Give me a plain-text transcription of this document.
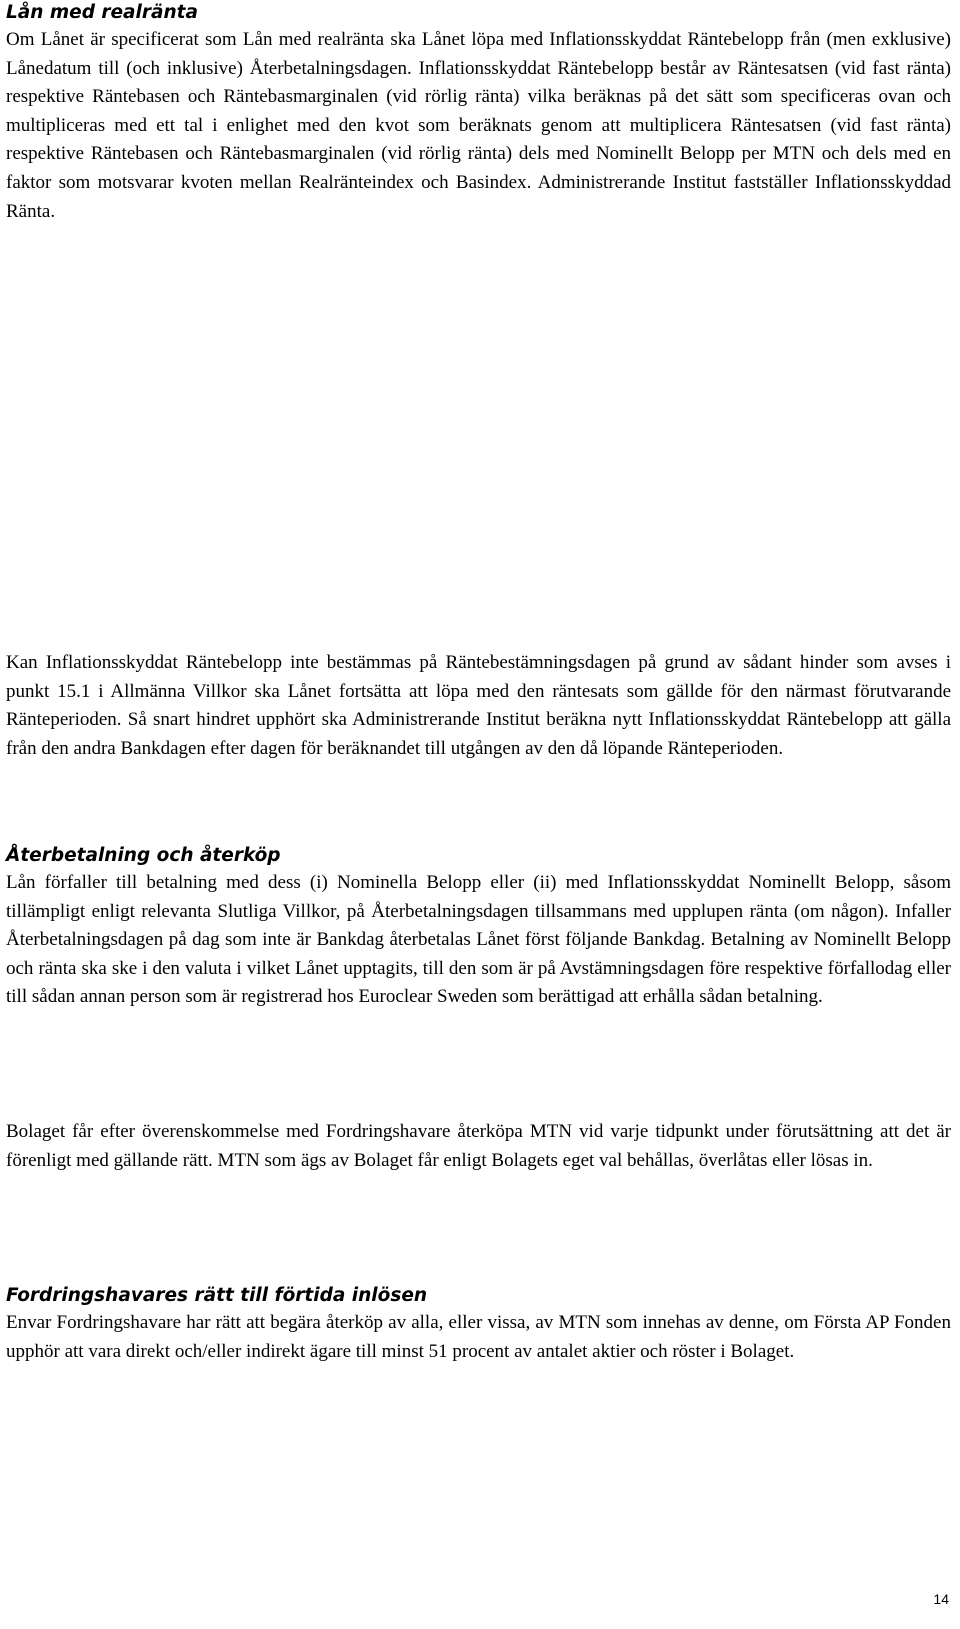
Lån med realränta

Om Lånet är specificerat som Lån med realränta ska Lånet löpa med Inflationsskyddat Räntebelopp från (men exklusive) Lånedatum till (och inklusive) Återbetalningsdagen. Inflationsskyddat Räntebelopp består av Räntesatsen (vid fast ränta) respektive Räntebasen och Räntebasmarginalen (vid rörlig ränta) vilka beräknas på det sätt som specificeras ovan och multipliceras med ett tal i enlighet med den kvot som beräknats genom att multiplicera Räntesatsen (vid fast ränta) respektive Räntebasen och Räntebasmarginalen (vid rörlig ränta) dels med Nominellt Belopp per MTN och dels med en faktor som motsvarar kvoten mellan Realränteindex och Basindex. Administrerande Institut fastställer Inflationsskyddad Ränta.

Kan Inflationsskyddat Räntebelopp inte bestämmas på Räntebestämningsdagen på grund av sådant hinder som avses i punkt 15.1 i Allmänna Villkor ska Lånet fortsätta att löpa med den räntesats som gällde för den närmast förutvarande Ränteperioden. Så snart hindret upphört ska Administrerande Institut beräkna nytt Inflationsskyddat Räntebelopp att gälla från den andra Bankdagen efter dagen för beräknandet till utgången av den då löpande Ränteperioden.

Återbetalning och återköp

Lån förfaller till betalning med dess (i) Nominella Belopp eller (ii) med Inflationsskyddat Nominellt Belopp, såsom tillämpligt enligt relevanta Slutliga Villkor, på Återbetalningsdagen tillsammans med upplupen ränta (om någon). Infaller Återbetalningsdagen på dag som inte är Bankdag återbetalas Lånet först följande Bankdag. Betalning av Nominellt Belopp och ränta ska ske i den valuta i vilket Lånet upptagits, till den som är på Avstämningsdagen före respektive förfallodag eller till sådan annan person som är registrerad hos Euroclear Sweden som berättigad att erhålla sådan betalning.

Bolaget får efter överenskommelse med Fordringshavare återköpa MTN vid varje tidpunkt under förutsättning att det är förenligt med gällande rätt. MTN som ägs av Bolaget får enligt Bolagets eget val behållas, överlåtas eller lösas in.

Fordringshavares rätt till förtida inlösen

Envar Fordringshavare har rätt att begära återköp av alla, eller vissa, av MTN som innehas av denne, om Första AP Fonden upphör att vara direkt och/eller indirekt ägare till minst 51 procent av antalet aktier och röster i Bolaget.

14
